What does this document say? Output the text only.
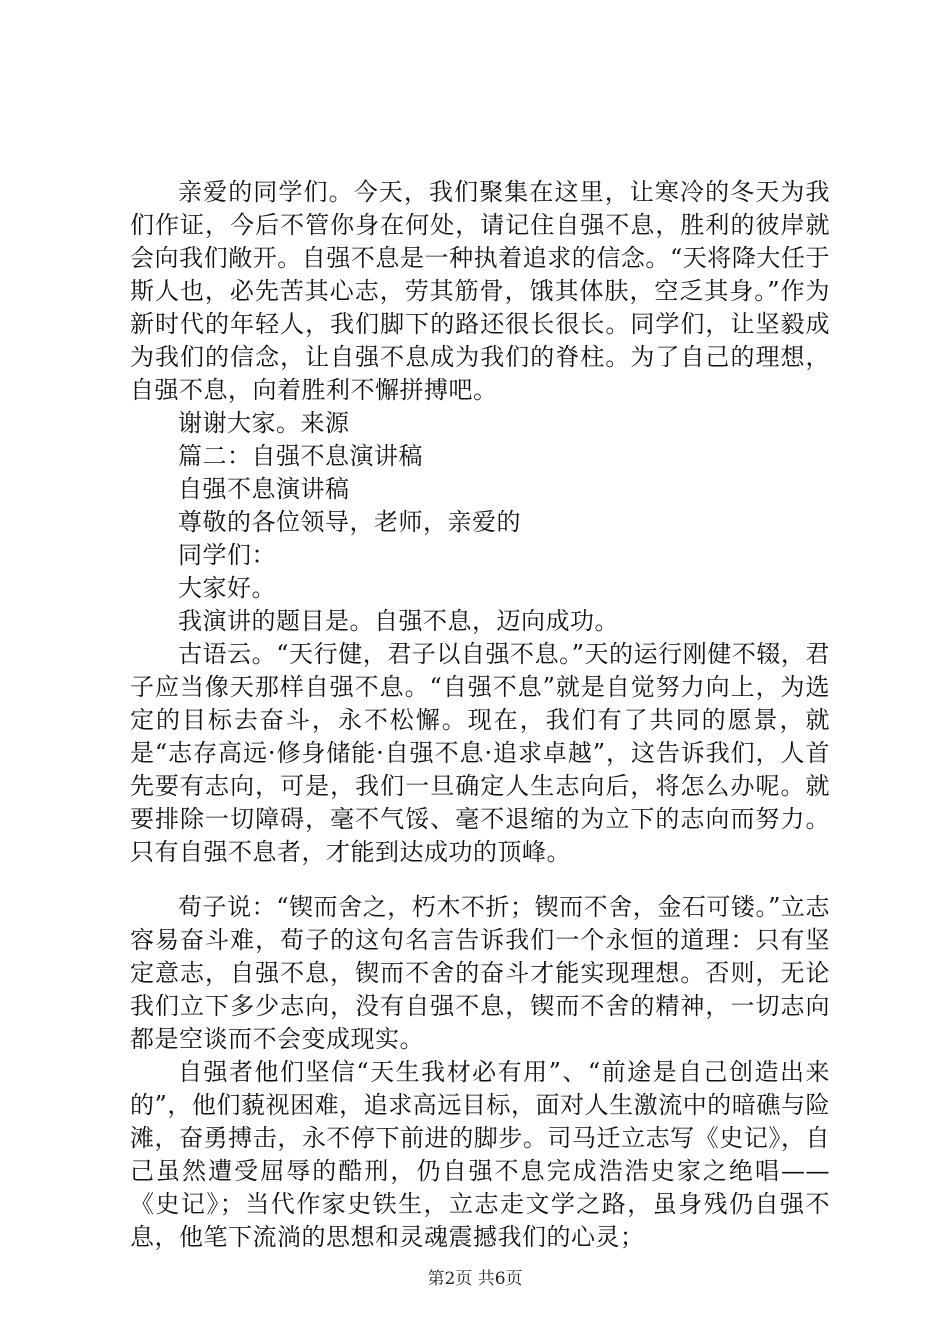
亲爱的同学们。今天，我们聚集在这里，让寒冷的冬天为我们作证，今后不管你身在何处，请记住自强不息，胜利的彼岸就会向我们敞开。自强不息是一种执着追求的信念。“天将降大任于斯人也，必先苦其心志，劳其筋骨，饿其体肤，空乏其身。”作为新时代的年轻人，我们脚下的路还很长很长。同学们，让坚毅成为我们的信念，让自强不息成为我们的脊柱。为了自己的理想，自强不息，向着胜利不懈拼搏吧。

谢谢大家。来源

篇二：自强不息演讲稿

自强不息演讲稿

尊敬的各位领导，老师，亲爱的

同学们：

大家好。

我演讲的题目是。自强不息，迈向成功。

古语云。“天行健，君子以自强不息。”天的运行刚健不辍，君子应当像天那样自强不息。“自强不息”就是自觉努力向上，为选定的目标去奋斗，永不松懈。现在，我们有了共同的愿景，就是“志存高远·修身储能·自强不息·追求卓越”，这告诉我们，人首先要有志向，可是，我们一旦确定人生志向后，将怎么办呢。就要排除一切障碍，毫不气馁、毫不退缩的为立下的志向而努力。只有自强不息者，才能到达成功的顶峰。

荀子说：“锲而舍之，朽木不折；锲而不舍，金石可镂。”立志容易奋斗难，荀子的这句名言告诉我们一个永恒的道理：只有坚定意志，自强不息，锲而不舍的奋斗才能实现理想。否则，无论我们立下多少志向，没有自强不息，锲而不舍的精神，一切志向都是空谈而不会变成现实。

自强者他们坚信“天生我材必有用”、“前途是自己创造出来的”，他们藐视困难，追求高远目标，面对人生激流中的暗礁与险滩，奋勇搏击，永不停下前进的脚步。司马迁立志写《史记》，自己虽然遭受屈辱的酷刑，仍自强不息完成浩浩史家之绝唱——《史记》；当代作家史铁生，立志走文学之路，虽身残仍自强不息，他笔下流淌的思想和灵魂震撼我们的心灵；

第2页 共6页
